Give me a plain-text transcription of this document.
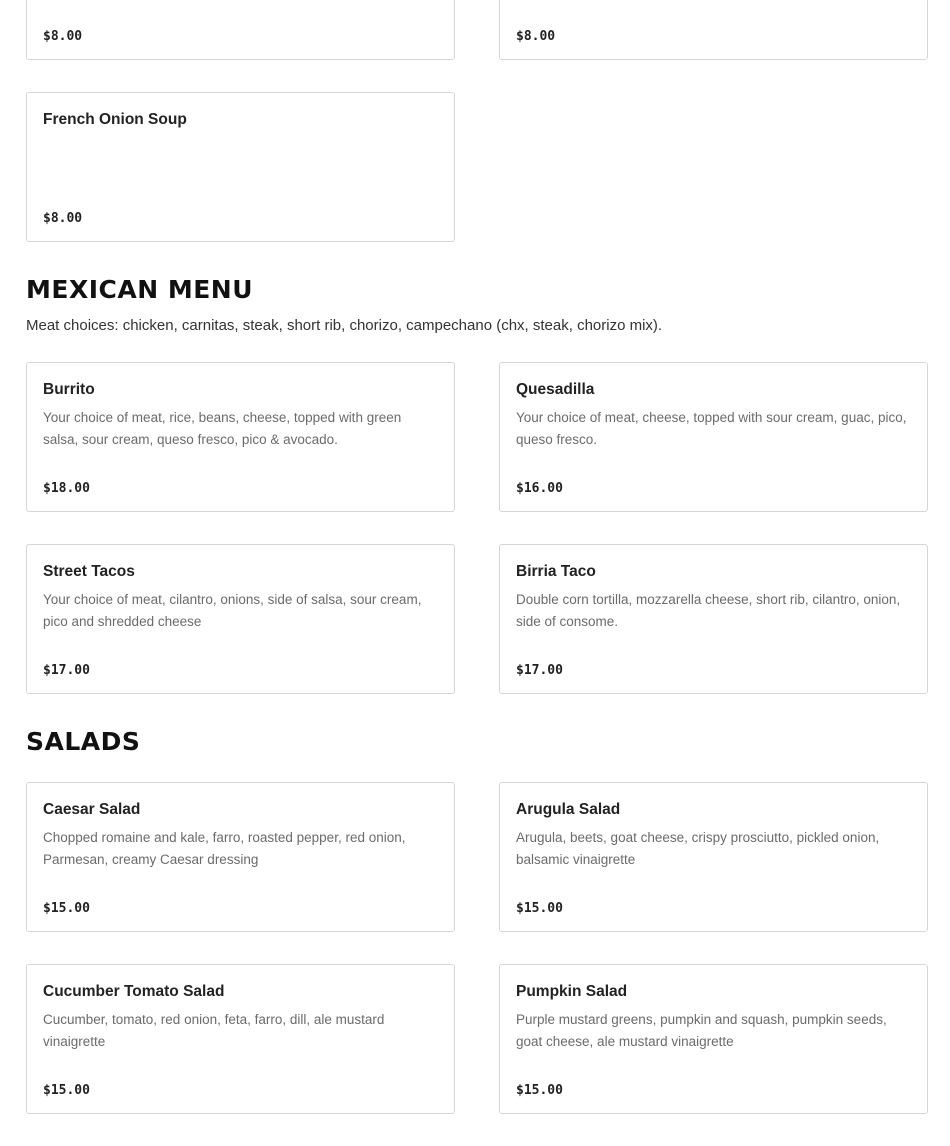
$8.00	$8.00
French Onion Soup
$8.00
MEXICAN MENU

Meat choices: chicken, carnitas, steak, short rib, chorizo, campechano (chx, steak, chorizo mix).

Burrito
Your choice of meat, rice, beans, cheese, topped with green salsa, sour cream, queso fresco, pico & avocado.
$18.00
Quesadilla
Your choice of meat, cheese, topped with sour cream, guac, pico, queso fresco.
$16.00
Street Tacos
Your choice of meat, cilantro, onions, side of salsa, sour cream, pico and shredded cheese
$17.00
Birria Taco
Double corn tortilla, mozzarella cheese, short rib, cilantro, onion, side of consome.
$17.00
SALADS
Caesar Salad
Chopped romaine and kale, farro, roasted pepper, red onion, Parmesan, creamy Caesar dressing
$15.00
Arugula Salad
Arugula, beets, goat cheese, crispy prosciutto, pickled onion, balsamic vinaigrette
$15.00
Cucumber Tomato Salad
Cucumber, tomato, red onion, feta, farro, dill, ale mustard vinaigrette
$15.00
Pumpkin Salad
Purple mustard greens, pumpkin and squash, pumpkin seeds, goat cheese, ale mustard vinaigrette
$15.00
